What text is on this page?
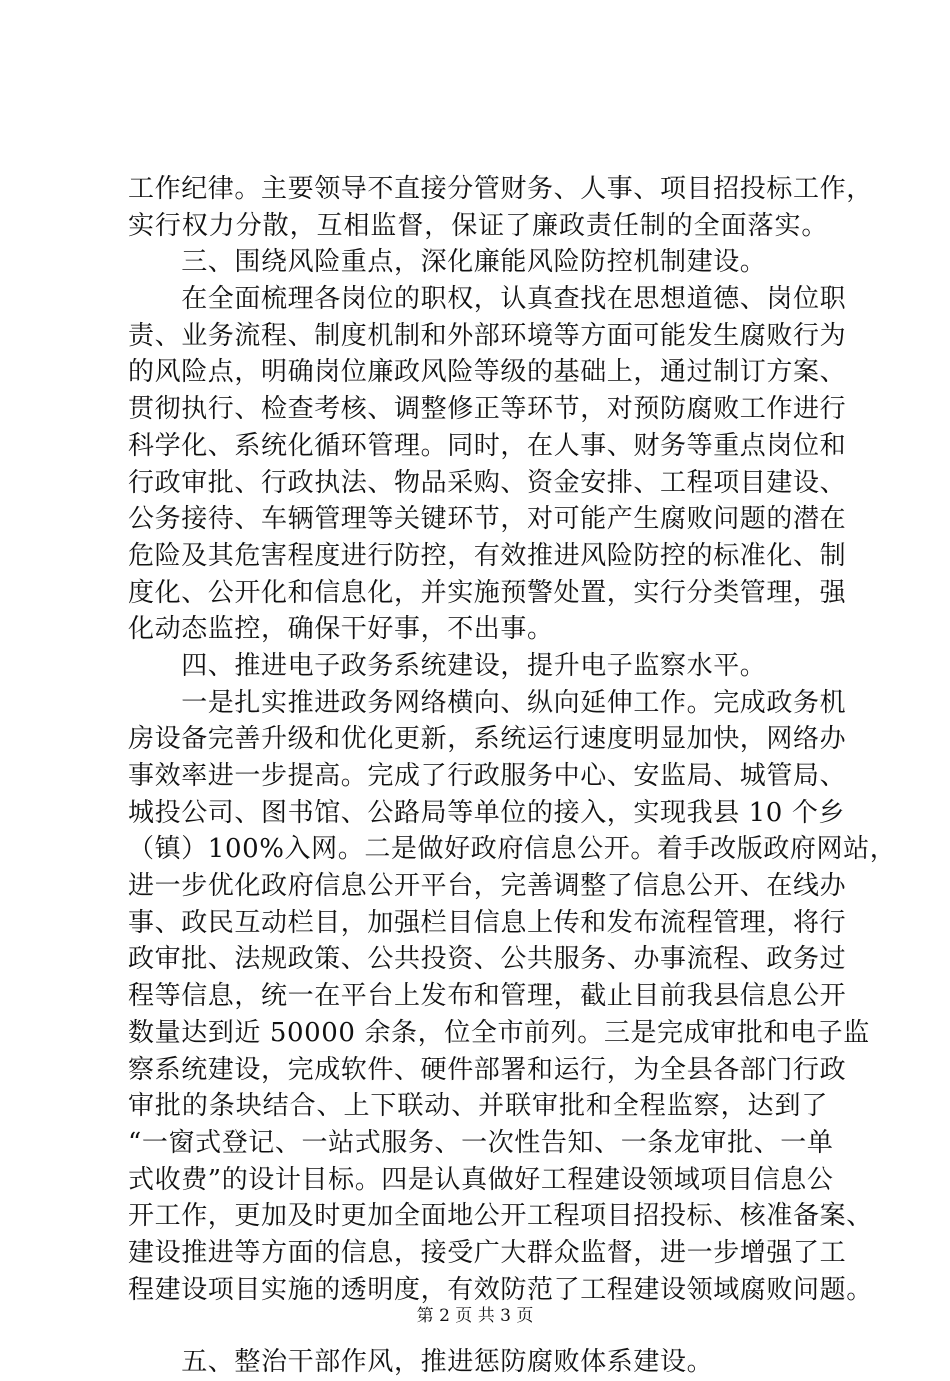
工作纪律。主要领导不直接分管财务、人事、项目招投标工作，
实行权力分散，互相监督，保证了廉政责任制的全面落实。
　　三、围绕风险重点，深化廉能风险防控机制建设。
　　在全面梳理各岗位的职权，认真查找在思想道德、岗位职
责、业务流程、制度机制和外部环境等方面可能发生腐败行为
的风险点，明确岗位廉政风险等级的基础上，通过制订方案、
贯彻执行、检查考核、调整修正等环节，对预防腐败工作进行
科学化、系统化循环管理。同时，在人事、财务等重点岗位和
行政审批、行政执法、物品采购、资金安排、工程项目建设、
公务接待、车辆管理等关键环节，对可能产生腐败问题的潜在
危险及其危害程度进行防控，有效推进风险防控的标准化、制
度化、公开化和信息化，并实施预警处置，实行分类管理，强
化动态监控，确保干好事，不出事。
　　四、推进电子政务系统建设，提升电子监察水平。
　　一是扎实推进政务网络横向、纵向延伸工作。完成政务机
房设备完善升级和优化更新，系统运行速度明显加快，网络办
事效率进一步提高。完成了行政服务中心、安监局、城管局、
城投公司、图书馆、公路局等单位的接入，实现我县 10 个乡
（镇）100%入网。二是做好政府信息公开。着手改版政府网站，
进一步优化政府信息公开平台，完善调整了信息公开、在线办
事、政民互动栏目，加强栏目信息上传和发布流程管理，将行
政审批、法规政策、公共投资、公共服务、办事流程、政务过
程等信息，统一在平台上发布和管理，截止目前我县信息公开
数量达到近 50000 余条，位全市前列。三是完成审批和电子监
察系统建设，完成软件、硬件部署和运行，为全县各部门行政
审批的条块结合、上下联动、并联审批和全程监察，达到了
“一窗式登记、一站式服务、一次性告知、一条龙审批、一单
式收费”的设计目标。四是认真做好工程建设领域项目信息公
开工作，更加及时更加全面地公开工程项目招投标、核准备案、
建设推进等方面的信息，接受广大群众监督，进一步增强了工
程建设项目实施的透明度，有效防范了工程建设领域腐败问题。
　　五、整治干部作风，推进惩防腐败体系建设。
第 2 页 共 3 页
